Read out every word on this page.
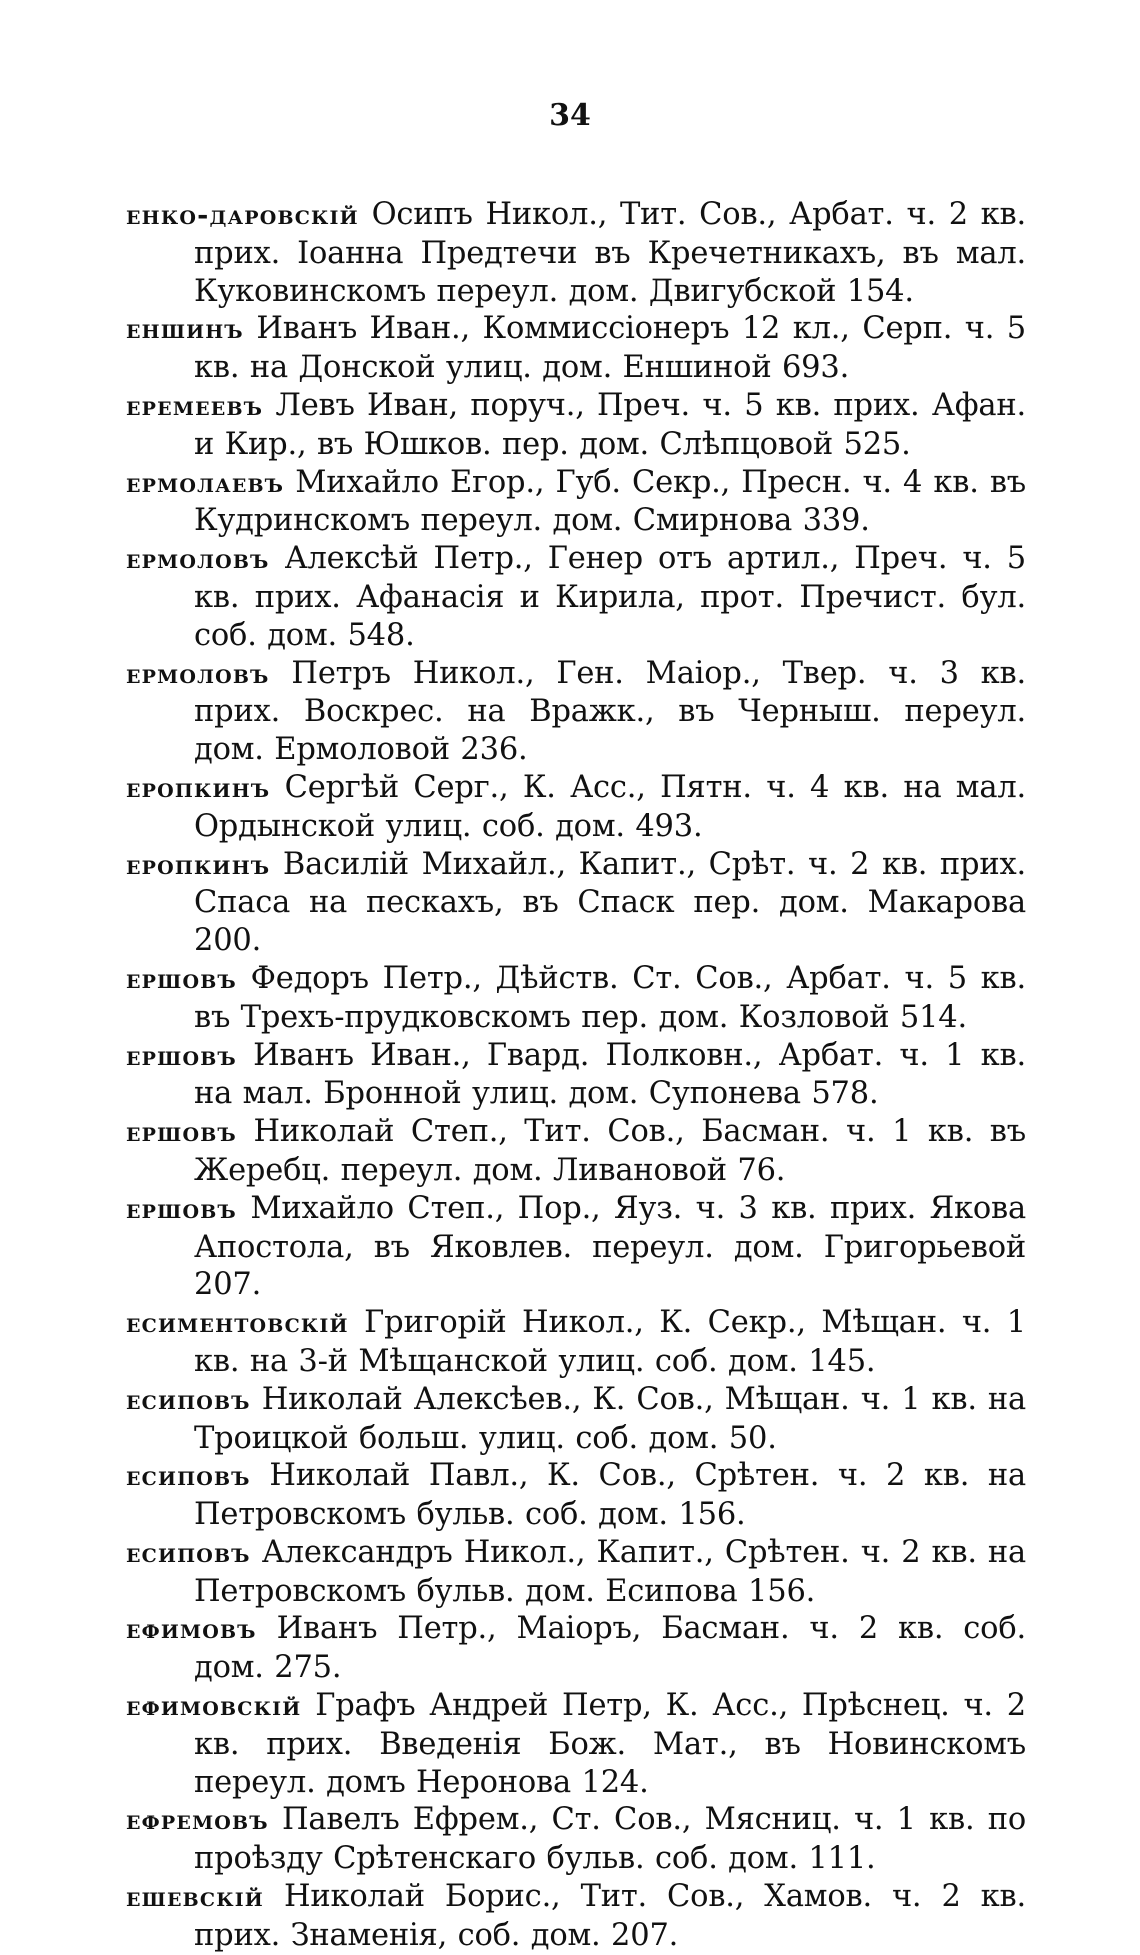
34

енко-даровскій Осипъ Никол., Тит. Сов., Арбат. ч. 2 кв. прих. Іоанна Предтечи въ Кречетникахъ, въ мал. Куковинскомъ переул. дом. Двигубской 154.

еншинъ Иванъ Иван., Коммиссіонеръ 12 кл., Серп. ч. 5 кв. на Донской улиц. дом. Еншиной 693.

еремеевъ Левъ Иван, поруч., Преч. ч. 5 кв. прих. Афан. и Кир., въ Юшков. пер. дом. Слѣпцовой 525.

ермолаевъ Михайло Егор., Губ. Секр., Пресн. ч. 4 кв. въ Кудринскомъ переул. дом. Смирнова 339.

ермоловъ Алексѣй Петр., Генер отъ артил., Преч. ч. 5 кв. прих. Афанасія и Кирила, прот. Пречист. бул. соб. дом. 548.

ермоловъ Петръ Никол., Ген. Маіор., Твер. ч. 3 кв. прих. Воскрес. на Вражк., въ Черныш. переул. дом. Ермоловой 236.

еропкинъ Сергѣй Серг., К. Асс., Пятн. ч. 4 кв. на мал. Ордынской улиц. соб. дом. 493.

еропкинъ Василій Михайл., Капит., Срѣт. ч. 2 кв. прих. Спаса на пескахъ, въ Спаск пер. дом. Макарова 200.

ершовъ Федоръ Петр., Дѣйств. Ст. Сов., Арбат. ч. 5 кв. въ Трехъ-прудковскомъ пер. дом. Козловой 514.

ершовъ Иванъ Иван., Гвард. Полковн., Арбат. ч. 1 кв. на мал. Бронной улиц. дом. Супонева 578.

ершовъ Николай Степ., Тит. Сов., Басман. ч. 1 кв. въ Жеребц. переул. дом. Ливановой 76.

ершовъ Михайло Степ., Пор., Яуз. ч. 3 кв. прих. Якова Апостола, въ Яковлев. переул. дом. Григорьевой 207.

есиментовскій Григорій Никол., К. Секр., Мѣщан. ч. 1 кв. на 3-й Мѣщанской улиц. соб. дом. 145.

есиповъ Николай Алексѣев., К. Сов., Мѣщан. ч. 1 кв. на Троицкой больш. улиц. соб. дом. 50.

есиповъ Николай Павл., К. Сов., Срѣтен. ч. 2 кв. на Петровскомъ бульв. соб. дом. 156.

есиповъ Александръ Никол., Капит., Срѣтен. ч. 2 кв. на Петровскомъ бульв. дом. Есипова 156.

ефимовъ Иванъ Петр., Маіоръ, Басман. ч. 2 кв. соб. дом. 275.

ефимовскій Графъ Андрей Петр, К. Асс., Прѣснец. ч. 2 кв. прих. Введенія Бож. Мат., въ Новинскомъ переул. домъ Неронова 124.

ефремовъ Павелъ Ефрем., Ст. Сов., Мясниц. ч. 1 кв. по проѣзду Срѣтенскаго бульв. соб. дом. 111.

ешевскій Николай Борис., Тит. Сов., Хамов. ч. 2 кв. прих. Знаменія, соб. дом. 207.
